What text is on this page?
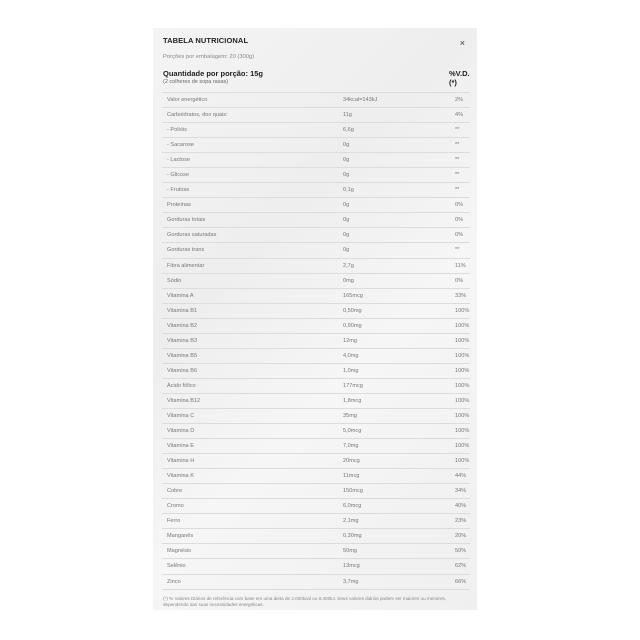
TABELA NUTRICIONAL	×
Porções por embalagem: 20 (300g)
Quantidade por porção: 15g
(2 colheres de sopa rasas)
%V.D.(*)
Valor energético	34kcal=143kJ	2%
Carboidratos, dos quais:	11g	4%
- Polióis	6,6g	**
- Sacarose	0g	**
- Lactose	0g	**
- Glicose	0g	**
- Frutose	0,1g	**
Proteínas	0g	0%
Gorduras totais	0g	0%
Gorduras saturadas	0g	0%
Gorduras trans	0g	**
Fibra alimentar	2,7g	11%
Sódio	0mg	0%
Vitamina A	165mcg	33%
Vitamina B1	0,50mg	100%
Vitamina B2	0,90mg	100%
Vitamina B3	12mg	100%
Vitamina B5	4,0mg	100%
Vitamina B6	1,0mg	100%
Ácido fólico	177mcg	100%
Vitamina B12	1,8mcg	100%
Vitamina C	35mg	100%
Vitamina D	5,0mcg	100%
Vitamina E	7,0mg	100%
Vitamina H	20mcg	100%
Vitamina K	11mcg	44%
Cobre	150mcg	34%
Cromo	6,0mcg	40%
Ferro	2,1mg	23%
Manganês	0,30mg	20%
Magnésio	50mg	50%
Selênio	13mcg	62%
Zinco	3,7mg	66%
(*) % Valores Diários de referência com base em uma dieta de 2.000kcal ou 8.400kJ. Seus valores diários podem ser maiores ou menores, dependendo das suas necessidades energéticas.
